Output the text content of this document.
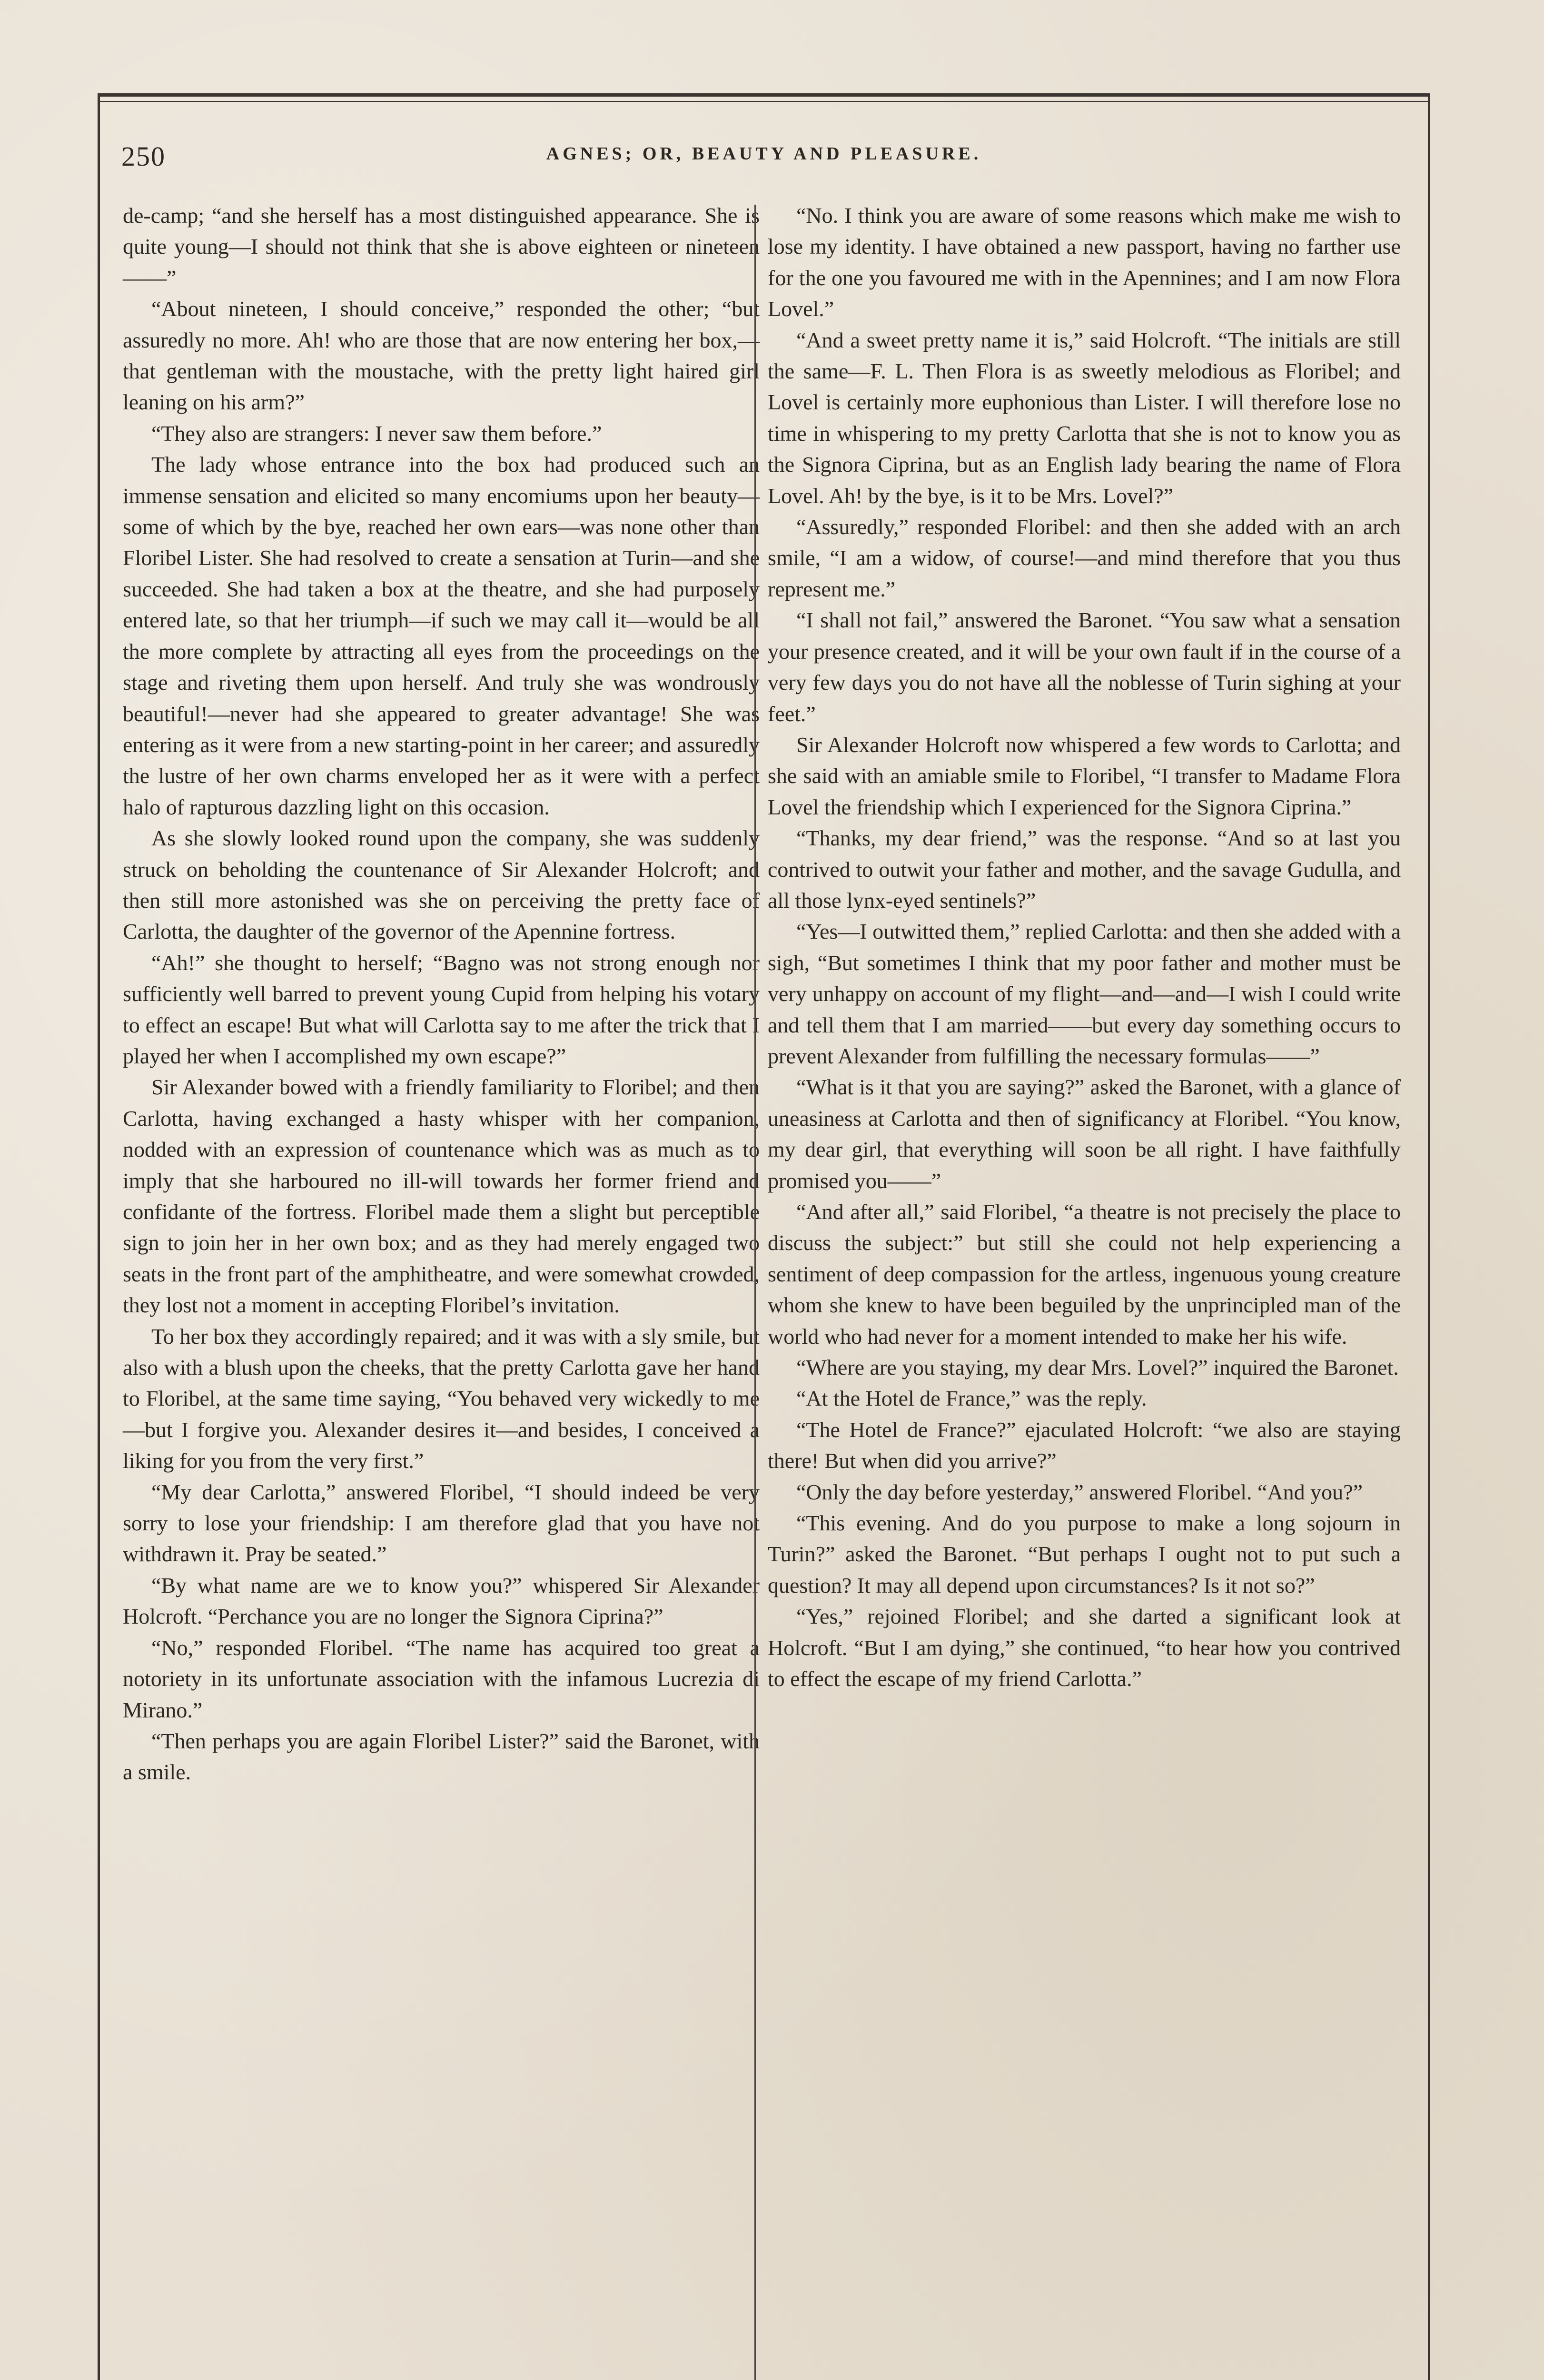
250	AGNES; OR, BEAUTY AND PLEASURE.

de-camp; “and she herself has a most distinguished appearance. She is quite young—I should not think that she is above eighteen or nineteen——”

“About nineteen, I should conceive,” responded the other; “but assuredly no more. Ah! who are those that are now entering her box,—that gentleman with the moustache, with the pretty light haired girl leaning on his arm?”

“They also are strangers: I never saw them before.”

The lady whose entrance into the box had produced such an immense sensation and elicited so many encomiums upon her beauty—some of which by the bye, reached her own ears—was none other than Floribel Lister. She had resolved to create a sensation at Turin—and she succeeded. She had taken a box at the theatre, and she had purposely entered late, so that her triumph—if such we may call it—would be all the more complete by attracting all eyes from the proceedings on the stage and riveting them upon herself. And truly she was wondrously beautiful!—never had she appeared to greater advantage! She was entering as it were from a new starting-point in her career; and assuredly the lustre of her own charms enveloped her as it were with a perfect halo of rapturous dazzling light on this occasion.

As she slowly looked round upon the company, she was suddenly struck on beholding the countenance of Sir Alexander Holcroft; and then still more astonished was she on perceiving the pretty face of Carlotta, the daughter of the governor of the Apennine fortress.

“Ah!” she thought to herself; “Bagno was not strong enough nor sufficiently well barred to prevent young Cupid from helping his votary to effect an escape! But what will Carlotta say to me after the trick that I played her when I accomplished my own escape?”

Sir Alexander bowed with a friendly familiarity to Floribel; and then Carlotta, having exchanged a hasty whisper with her companion, nodded with an expression of countenance which was as much as to imply that she harboured no ill-will towards her former friend and confidante of the fortress. Floribel made them a slight but perceptible sign to join her in her own box; and as they had merely engaged two seats in the front part of the amphitheatre, and were somewhat crowded, they lost not a moment in accepting Floribel’s invitation.

To her box they accordingly repaired; and it was with a sly smile, but also with a blush upon the cheeks, that the pretty Carlotta gave her hand to Floribel, at the same time saying, “You behaved very wickedly to me—but I forgive you. Alexander desires it—and besides, I conceived a liking for you from the very first.”

“My dear Carlotta,” answered Floribel, “I should indeed be very sorry to lose your friendship: I am therefore glad that you have not withdrawn it. Pray be seated.”

“By what name are we to know you?” whispered Sir Alexander Holcroft. “Perchance you are no longer the Signora Ciprina?”

“No,” responded Floribel. “The name has acquired too great a notoriety in its unfortunate association with the infamous Lucrezia di Mirano.”

“Then perhaps you are again Floribel Lister?” said the Baronet, with a smile.

“No. I think you are aware of some reasons which make me wish to lose my identity. I have obtained a new passport, having no farther use for the one you favoured me with in the Apennines; and I am now Flora Lovel.”

“And a sweet pretty name it is,” said Holcroft. “The initials are still the same—F. L. Then Flora is as sweetly melodious as Floribel; and Lovel is certainly more euphonious than Lister. I will therefore lose no time in whispering to my pretty Carlotta that she is not to know you as the Signora Ciprina, but as an English lady bearing the name of Flora Lovel. Ah! by the bye, is it to be Mrs. Lovel?”

“Assuredly,” responded Floribel: and then she added with an arch smile, “I am a widow, of course!—and mind therefore that you thus represent me.”

“I shall not fail,” answered the Baronet. “You saw what a sensation your presence created, and it will be your own fault if in the course of a very few days you do not have all the noblesse of Turin sighing at your feet.”

Sir Alexander Holcroft now whispered a few words to Carlotta; and she said with an amiable smile to Floribel, “I transfer to Madame Flora Lovel the friendship which I experienced for the Signora Ciprina.”

“Thanks, my dear friend,” was the response. “And so at last you contrived to outwit your father and mother, and the savage Gudulla, and all those lynx-eyed sentinels?”

“Yes—I outwitted them,” replied Carlotta: and then she added with a sigh, “But sometimes I think that my poor father and mother must be very unhappy on account of my flight—and—and—I wish I could write and tell them that I am married——but every day something occurs to prevent Alexander from fulfilling the necessary formulas——”

“What is it that you are saying?” asked the Baronet, with a glance of uneasiness at Carlotta and then of significancy at Floribel. “You know, my dear girl, that everything will soon be all right. I have faithfully promised you——”

“And after all,” said Floribel, “a theatre is not precisely the place to discuss the subject:” but still she could not help experiencing a sentiment of deep compassion for the artless, ingenuous young creature whom she knew to have been beguiled by the unprincipled man of the world who had never for a moment intended to make her his wife.

“Where are you staying, my dear Mrs. Lovel?” inquired the Baronet.

“At the Hotel de France,” was the reply.

“The Hotel de France?” ejaculated Holcroft: “we also are staying there! But when did you arrive?”

“Only the day before yesterday,” answered Floribel. “And you?”

“This evening. And do you purpose to make a long sojourn in Turin?” asked the Baronet. “But perhaps I ought not to put such a question? It may all depend upon circumstances? Is it not so?”

“Yes,” rejoined Floribel; and she darted a significant look at Holcroft. “But I am dying,” she continued, “to hear how you contrived to effect the escape of my friend Carlotta.”
